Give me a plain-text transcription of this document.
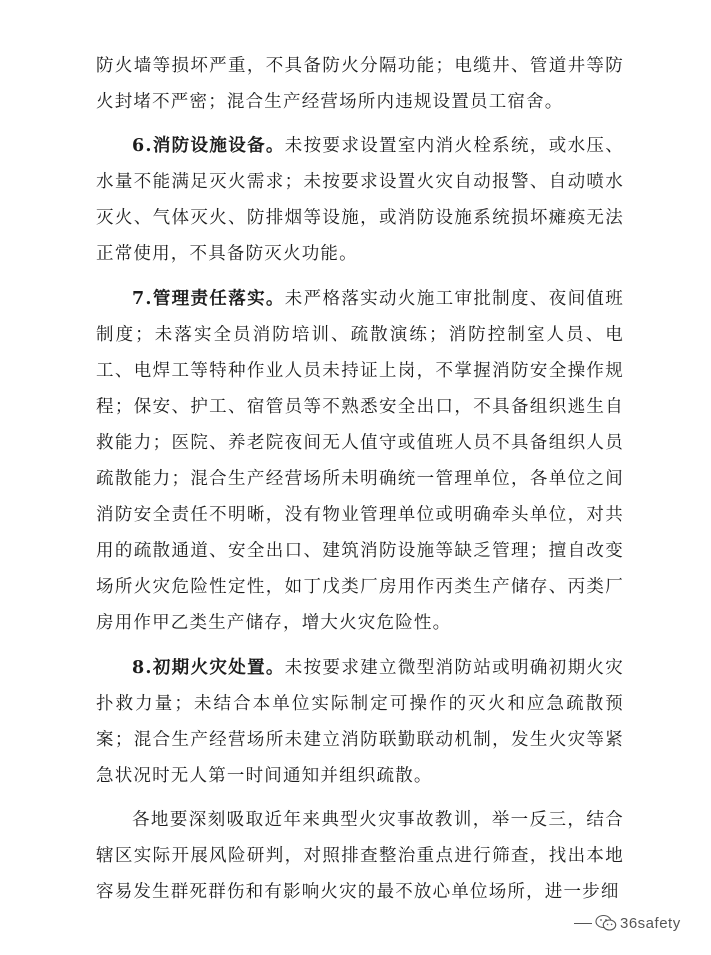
防火墙等损坏严重，不具备防火分隔功能；电缆井、管道井等防火封堵不严密；混合生产经营场所内违规设置员工宿舍。

6.消防设施设备。未按要求设置室内消火栓系统，或水压、水量不能满足灭火需求；未按要求设置火灾自动报警、自动喷水灭火、气体灭火、防排烟等设施，或消防设施系统损坏瘫痪无法正常使用，不具备防灭火功能。

7.管理责任落实。未严格落实动火施工审批制度、夜间值班制度；未落实全员消防培训、疏散演练；消防控制室人员、电工、电焊工等特种作业人员未持证上岗，不掌握消防安全操作规程；保安、护工、宿管员等不熟悉安全出口，不具备组织逃生自救能力；医院、养老院夜间无人值守或值班人员不具备组织人员疏散能力；混合生产经营场所未明确统一管理单位，各单位之间消防安全责任不明晰，没有物业管理单位或明确牵头单位，对共用的疏散通道、安全出口、建筑消防设施等缺乏管理；擅自改变场所火灾危险性定性，如丁戊类厂房用作丙类生产储存、丙类厂房用作甲乙类生产储存，增大火灾危险性。

8.初期火灾处置。未按要求建立微型消防站或明确初期火灾扑救力量；未结合本单位实际制定可操作的灭火和应急疏散预案；混合生产经营场所未建立消防联勤联动机制，发生火灾等紧急状况时无人第一时间通知并组织疏散。

各地要深刻吸取近年来典型火灾事故教训，举一反三，结合辖区实际开展风险研判，对照排查整治重点进行筛查，找出本地容易发生群死群伤和有影响火灾的最不放心单位场所，进一步细

36safety
